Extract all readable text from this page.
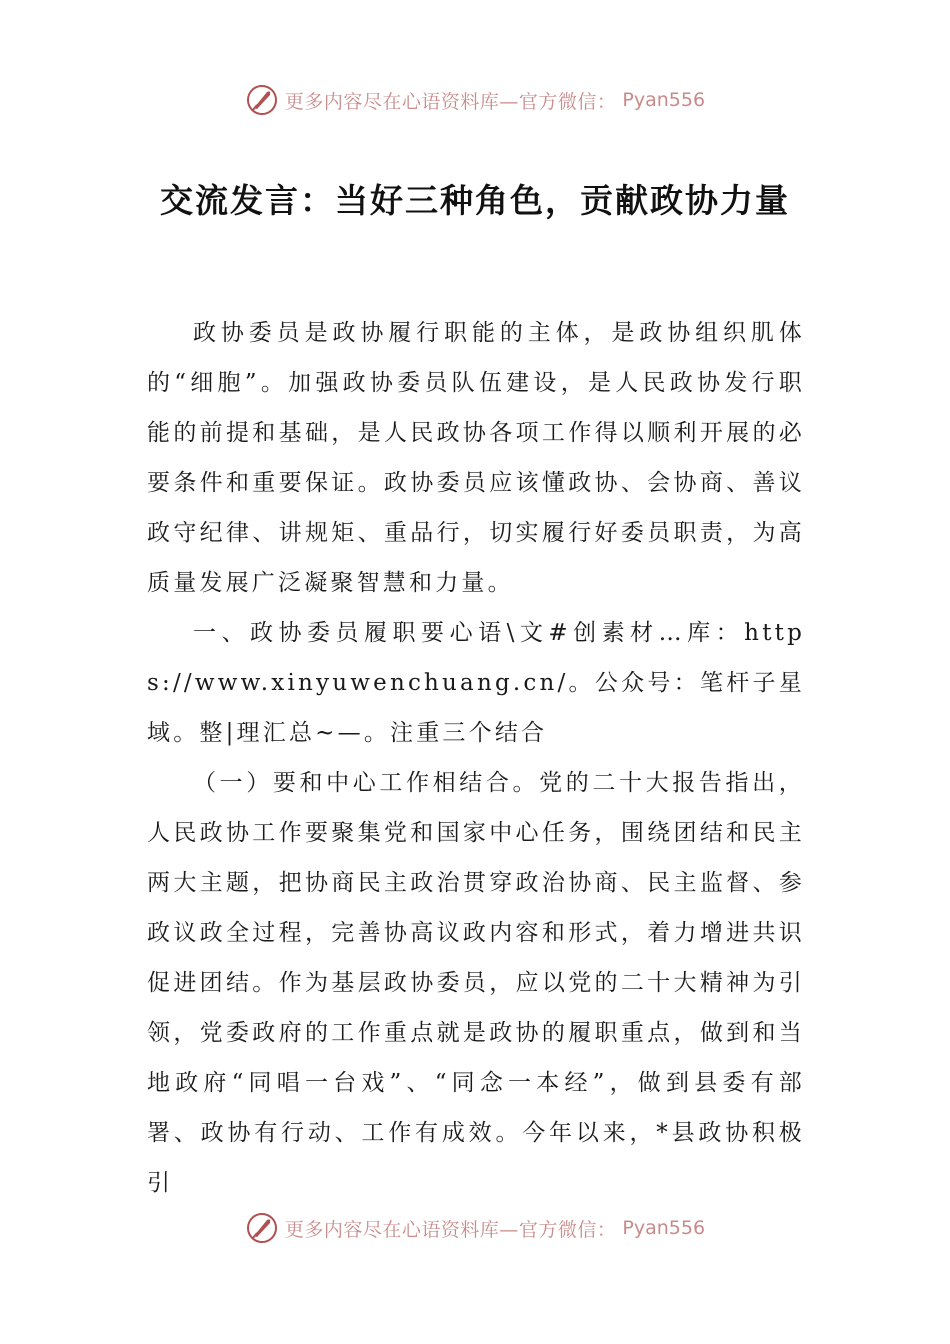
更多内容尽在心语资料库—官方微信： Pyan556
交流发言：当好三种角色，贡献政协力量

政协委员是政协履行职能的主体，是政协组织肌体的“细胞”。加强政协委员队伍建设，是人民政协发行职能的前提和基础，是人民政协各项工作得以顺利开展的必要条件和重要保证。政协委员应该懂政协、会协商、善议政守纪律、讲规矩、重品行，切实履行好委员职责，为高质量发展广泛凝聚智慧和力量。

一、政协委员履职要心语\文#创素材…库：https://www.xinyuwenchuang.cn/。公众号：笔杆子星域。整|理汇总~—。注重三个结合

（一）要和中心工作相结合。党的二十大报告指出，人民政协工作要聚集党和国家中心任务，围绕团结和民主两大主题，把协商民主政治贯穿政治协商、民主监督、参政议政全过程，完善协高议政内容和形式，着力增进共识促进团结。作为基层政协委员，应以党的二十大精神为引领，党委政府的工作重点就是政协的履职重点，做到和当地政府“同唱一台戏”、“同念一本经”，做到县委有部署、政协有行动、工作有成效。今年以来，*县政协积极引

更多内容尽在心语资料库—官方微信： Pyan556
